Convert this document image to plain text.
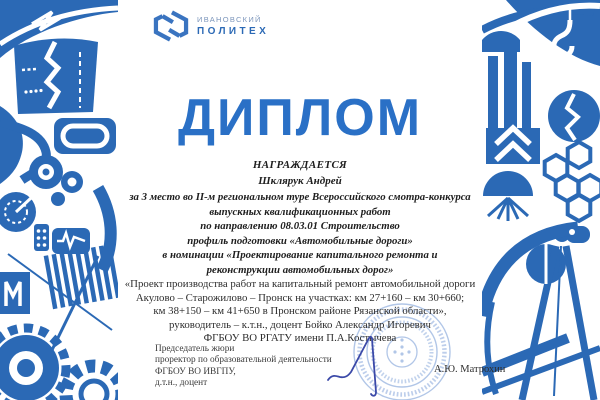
ИВАНОВСКИЙ
ПОЛИТЕХ
ДИПЛОМ
НАГРАЖДАЕТСЯ
Шклярук Андрей
за 3 место во II-м региональном туре Всероссийского смотра-конкурса
выпускных квалификационных работ
по направлению 08.03.01 Строительство
профиль подготовки «Автомобильные дороги»
в номинации «Проектирование капитального ремонта и
реконструкции автомобильных дорог»
«Проект производства работ на капитальный ремонт автомобильной дороги
Акулово – Старожилово – Пронск на участках: км 27+160 – км 30+660;
км 38+150 – км 41+650 в Пронском районе Рязанской области»,
руководитель – к.т.н., доцент Бойко Александр Игоревич
ФГБОУ ВО РГАТУ имени П.А.Костычева
Председатель жюри
проректор по образовательной деятельности
ФГБОУ ВО ИВГПУ,
д.т.н., доцент
А.Ю. Матрохин
